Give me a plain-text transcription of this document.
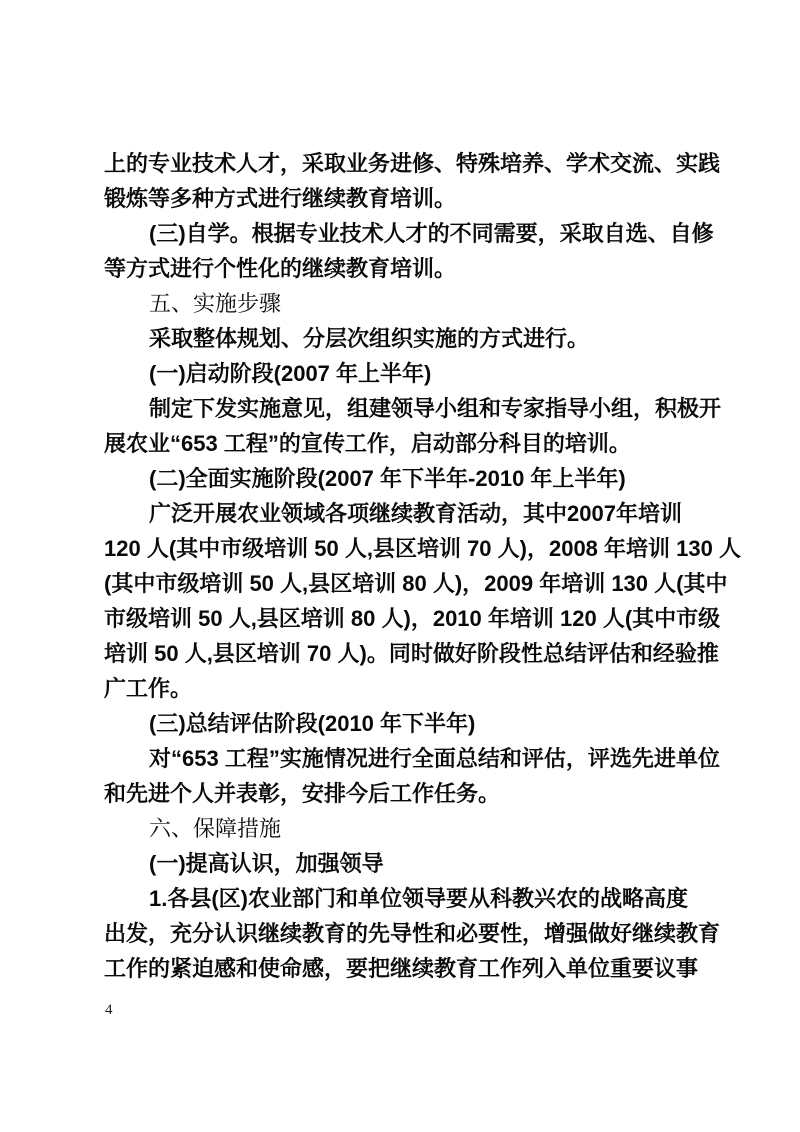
上的专业技术人才，采取业务进修、特殊培养、学术交流、实践
锻炼等多种方式进行继续教育培训。
(三)自学。根据专业技术人才的不同需要，采取自选、自修
等方式进行个性化的继续教育培训。
五、实施步骤
采取整体规划、分层次组织实施的方式进行。
(一)启动阶段(2007 年上半年)
制定下发实施意见，组建领导小组和专家指导小组，积极开
展农业“653 工程”的宣传工作，启动部分科目的培训。
(二)全面实施阶段(2007 年下半年-2010 年上半年)
广泛开展农业领域各项继续教育活动，其中2007年培训
120 人(其中市级培训 50 人,县区培训 70 人)，2008 年培训 130 人
(其中市级培训 50 人,县区培训 80 人)，2009 年培训 130 人(其中
市级培训 50 人,县区培训 80 人)，2010 年培训 120 人(其中市级
培训 50 人,县区培训 70 人)。同时做好阶段性总结评估和经验推
广工作。
(三)总结评估阶段(2010 年下半年)
对“653 工程”实施情况进行全面总结和评估，评选先进单位
和先进个人并表彰，安排今后工作任务。
六、保障措施
(一)提高认识，加强领导
1.各县(区)农业部门和单位领导要从科教兴农的战略高度
出发，充分认识继续教育的先导性和必要性，增强做好继续教育
工作的紧迫感和使命感，要把继续教育工作列入单位重要议事
4
